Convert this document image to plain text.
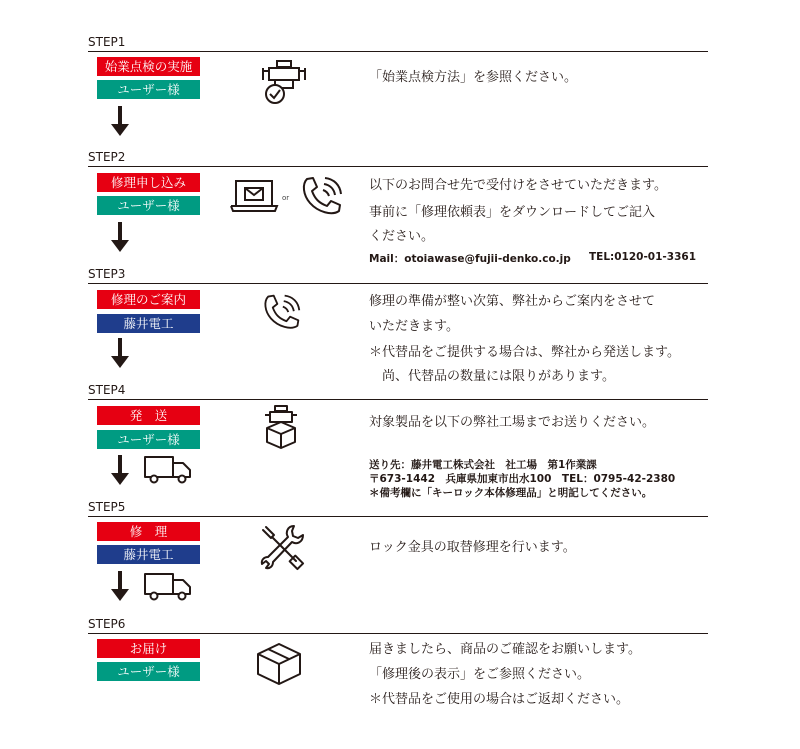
STEP1
始業点検の実施
ユーザー様
「始業点検方法」を参照ください。
STEP2
修理申し込み
ユーザー様	or
以下のお問合せ先で受付けをさせていただきます。
事前に「修理依頼表」をダウンロードしてご記入
ください。
Mail：otoiawase@fujii-denko.co.jp TEL:0120-01-3361
STEP3
修理のご案内
藤井電工
修理の準備が整い次第、弊社からご案内をさせて
いただきます。
＊代替品をご提供する場合は、弊社から発送します。
　尚、代替品の数量には限りがあります。
STEP4
発　送
ユーザー様
対象製品を以下の弊社工場までお送りください。
送り先：藤井電工株式会社　社工場　第1作業課
〒673-1442　兵庫県加東市出水100　TEL：0795-42-2380
＊備考欄に「キーロック本体修理品」と明記してください。
STEP5
修　理
藤井電工	ロック金具の取替修理を行います。
STEP6
お届け
ユーザー様
届きましたら、商品のご確認をお願いします。
「修理後の表示」をご参照ください。
＊代替品をご使用の場合はご返却ください。
